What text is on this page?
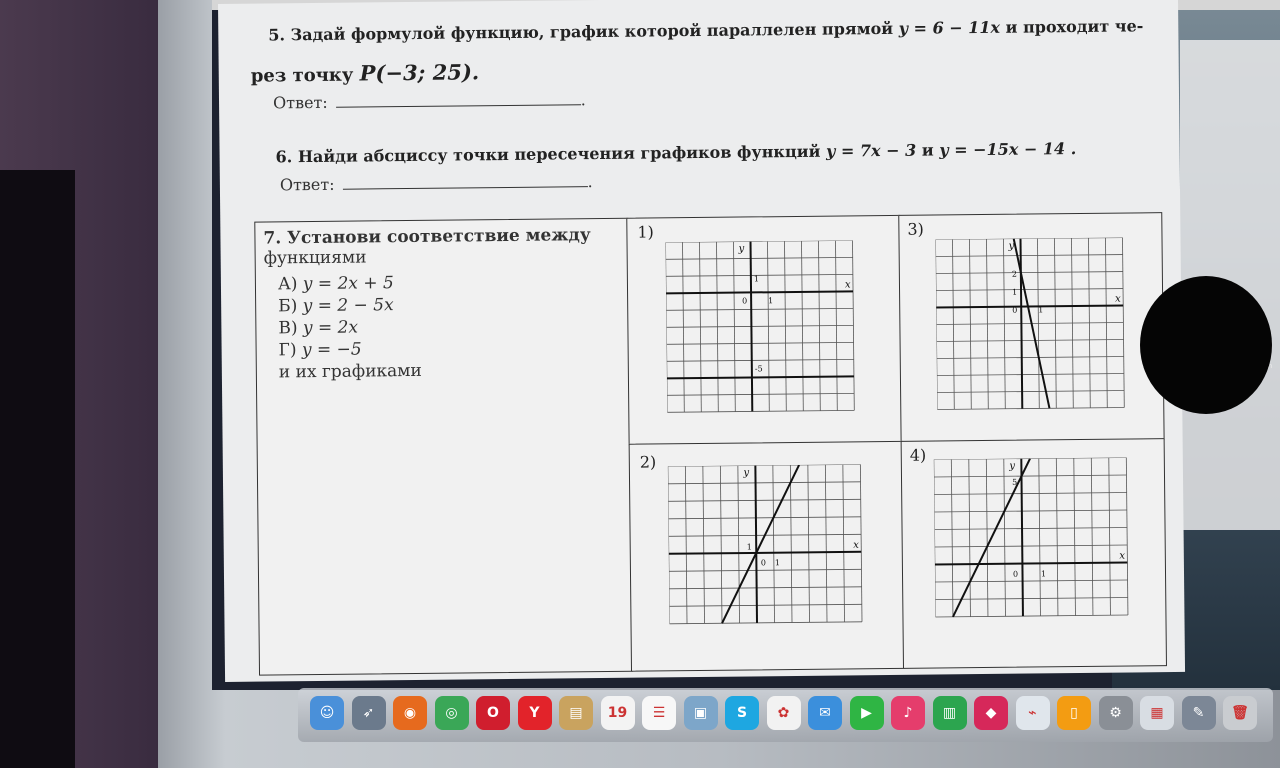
5. Задай формулой функцию, график которой параллелен прямой y = 6 − 11x и проходит че-
рез точку P(−3; 25).
Ответ:	.
6. Найди абсциссу точки пересечения графиков функций y = 7x − 3 и y = −15x − 14 .
Ответ:	.
7. Установи соответствие между
функциями
А) y = 2x + 5
Б) y = 2 − 5x
В) y = 2x
Г) y = −5
и их графиками
1)
x
y
1
0	1
-5
3)
x
y
2
1
0	1
2)
x
y
1
0 1
4)
x
y
5
0	1
☺	➶	◉	◎	O	Y	▤	19	☰	▣	S	✿	✉	▶	♪	▥	◆	⌁	▯	⚙	▦	✎	🗑
